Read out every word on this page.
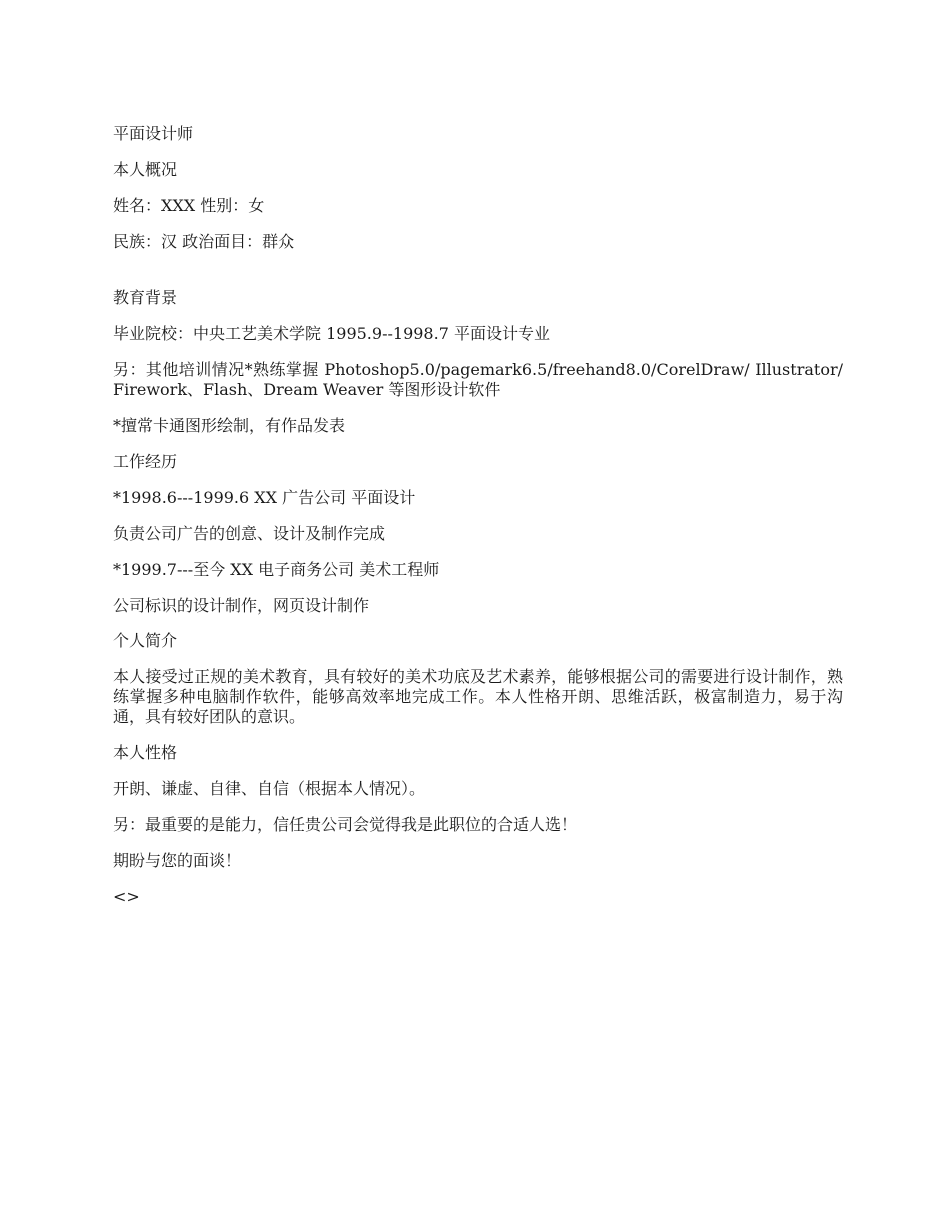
平面设计师

本人概况

姓名：XXX 性别：女

民族：汉 政治面目：群众

教育背景

毕业院校：中央工艺美术学院 1995.9--1998.7 平面设计专业

另：其他培训情况*熟练掌握 Photoshop5.0/pagemark6.5/freehand8.0/CorelDraw/ Illustrator/Firework、Flash、Dream Weaver 等图形设计软件

*擅常卡通图形绘制，有作品发表

工作经历

*1998.6---1999.6 XX 广告公司 平面设计

负责公司广告的创意、设计及制作完成

*1999.7---至今 XX 电子商务公司 美术工程师

公司标识的设计制作，网页设计制作

个人简介

本人接受过正规的美术教育，具有较好的美术功底及艺术素养，能够根据公司的需要进行设计制作，熟练掌握多种电脑制作软件，能够高效率地完成工作。本人性格开朗、思维活跃，极富制造力，易于沟通，具有较好团队的意识。

本人性格

开朗、谦虚、自律、自信（根据本人情况）。

另：最重要的是能力，信任贵公司会觉得我是此职位的合适人选！

期盼与您的面谈！

<>
